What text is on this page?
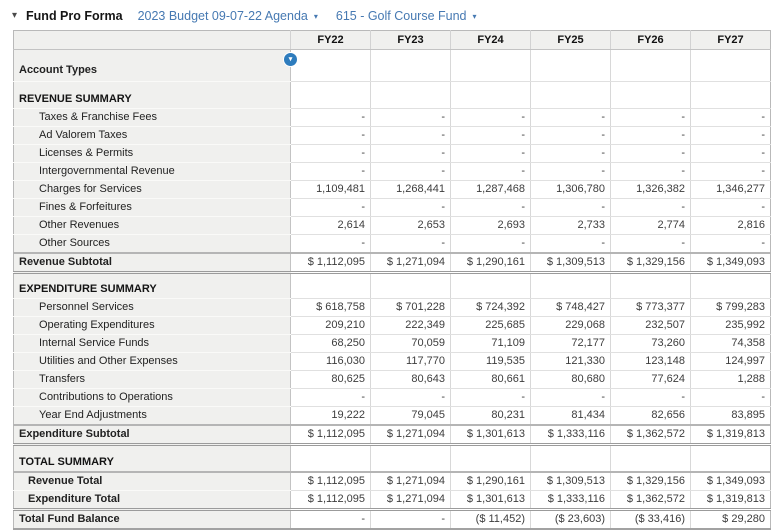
▾ Fund Pro Forma 2023 Budget 09-07-22 Agenda ▾ 615 - Golf Course Fund ▾
	FY22	FY23	FY24	FY25	FY26	FY27

▾
Account Types						

REVENUE SUMMARY						
Taxes & Franchise Fees	-	-	-	-	-	-
Ad Valorem Taxes	-	-	-	-	-	-
Licenses & Permits	-	-	-	-	-	-
Intergovernmental Revenue	-	-	-	-	-	-
Charges for Services	1,109,481	1,268,441	1,287,468	1,306,780	1,326,382	1,346,277
Fines & Forfeitures	-	-	-	-	-	-
Other Revenues	2,614	2,653	2,693	2,733	2,774	2,816
Other Sources	-	-	-	-	-	-
Revenue Subtotal	$ 1,112,095	$ 1,271,094	$ 1,290,161	$ 1,309,513	$ 1,329,156	$ 1,349,093

EXPENDITURE SUMMARY						
Personnel Services	$ 618,758	$ 701,228	$ 724,392	$ 748,427	$ 773,377	$ 799,283
Operating Expenditures	209,210	222,349	225,685	229,068	232,507	235,992
Internal Service Funds	68,250	70,059	71,109	72,177	73,260	74,358
Utilities and Other Expenses	116,030	117,770	119,535	121,330	123,148	124,997
Transfers	80,625	80,643	80,661	80,680	77,624	1,288
Contributions to Operations	-	-	-	-	-	-
Year End Adjustments	19,222	79,045	80,231	81,434	82,656	83,895
Expenditure Subtotal	$ 1,112,095	$ 1,271,094	$ 1,301,613	$ 1,333,116	$ 1,362,572	$ 1,319,813

TOTAL SUMMARY						
Revenue Total	$ 1,112,095	$ 1,271,094	$ 1,290,161	$ 1,309,513	$ 1,329,156	$ 1,349,093
Expenditure Total	$ 1,112,095	$ 1,271,094	$ 1,301,613	$ 1,333,116	$ 1,362,572	$ 1,319,813
Total Fund Balance	-	-	($ 11,452)	($ 23,603)	($ 33,416)	$ 29,280
